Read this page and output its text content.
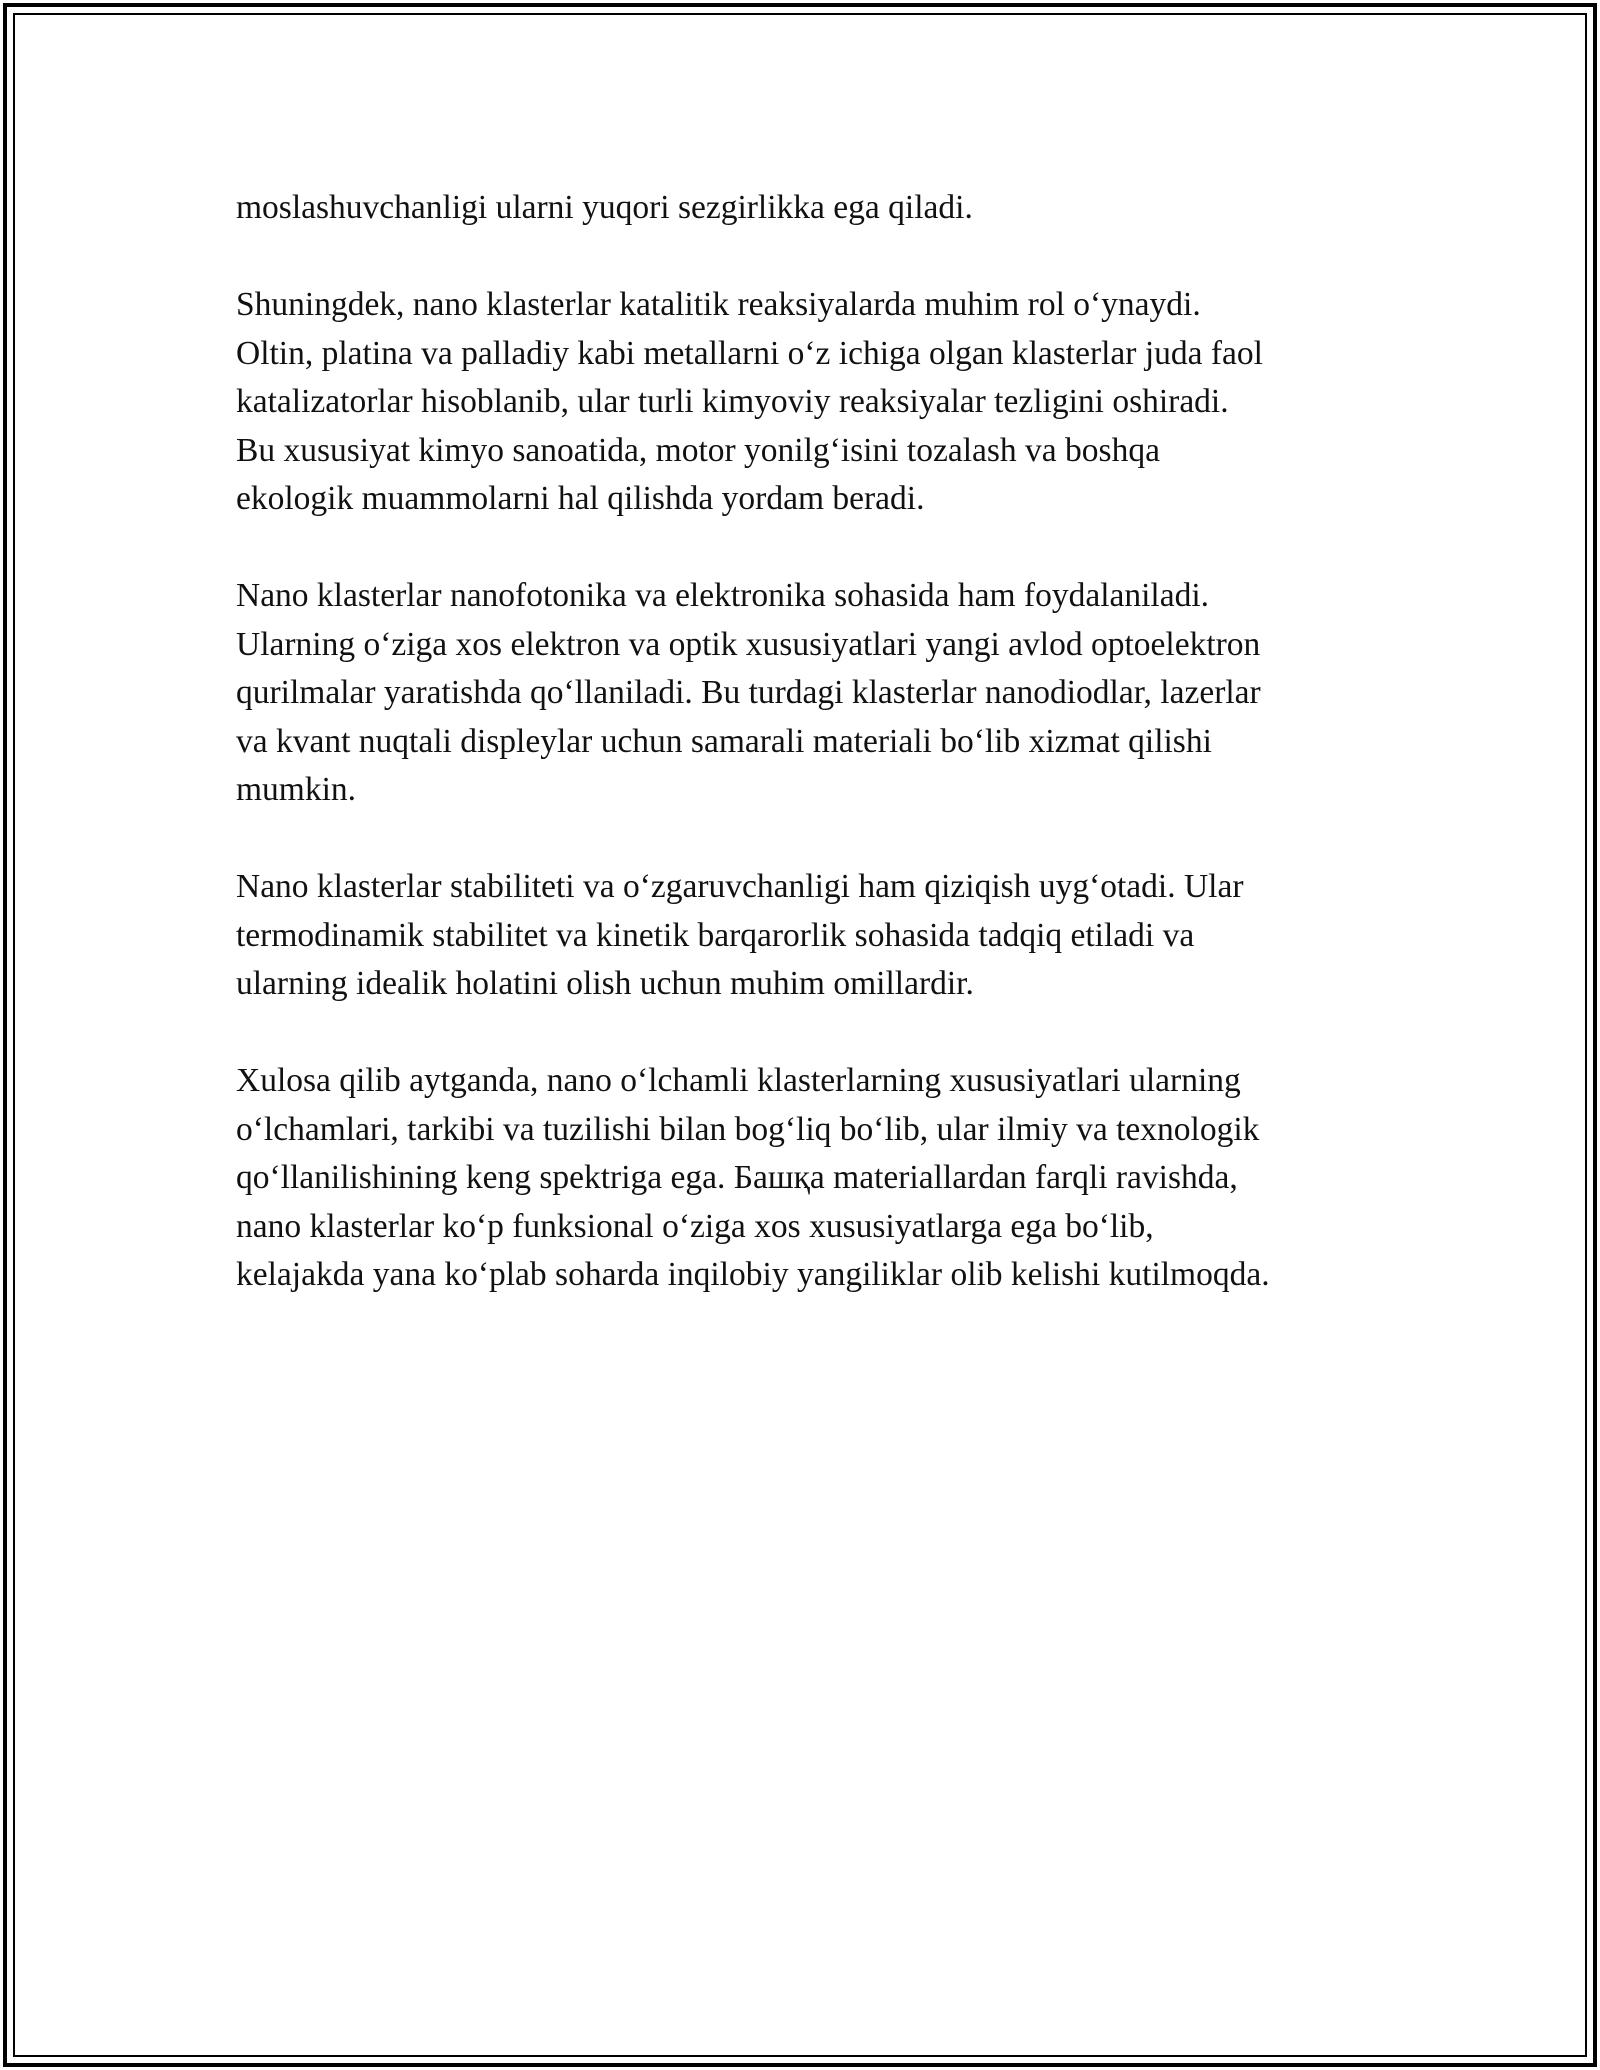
moslashuvchanligi ularni yuqori sezgirlikka ega qiladi.

Shuningdek, nano klasterlar katalitik reaksiyalarda muhim rol o‘ynaydi.
Oltin, platina va palladiy kabi metallarni o‘z ichiga olgan klasterlar juda faol
katalizatorlar hisoblanib, ular turli kimyoviy reaksiyalar tezligini oshiradi.
Bu xususiyat kimyo sanoatida, motor yonilg‘isini tozalash va boshqa
ekologik muammolarni hal qilishda yordam beradi.

Nano klasterlar nanofotonika va elektronika sohasida ham foydalaniladi.
Ularning o‘ziga xos elektron va optik xususiyatlari yangi avlod optoelektron
qurilmalar yaratishda qo‘llaniladi. Bu turdagi klasterlar nanodiodlar, lazerlar
va kvant nuqtali displeylar uchun samarali materiali bo‘lib xizmat qilishi
mumkin.

Nano klasterlar stabiliteti va o‘zgaruvchanligi ham qiziqish uyg‘otadi. Ular
termodinamik stabilitet va kinetik barqarorlik sohasida tadqiq etiladi va
ularning idealik holatini olish uchun muhim omillardir.

Xulosa qilib aytganda, nano o‘lchamli klasterlarning xususiyatlari ularning
o‘lchamlari, tarkibi va tuzilishi bilan bog‘liq bo‘lib, ular ilmiy va texnologik
qo‘llanilishining keng spektriga ega. Башқа materiallardan farqli ravishda,
nano klasterlar ko‘p funksional o‘ziga xos xususiyatlarga ega bo‘lib,
kelajakda yana ko‘plab soharda inqilobiy yangiliklar olib kelishi kutilmoqda.
